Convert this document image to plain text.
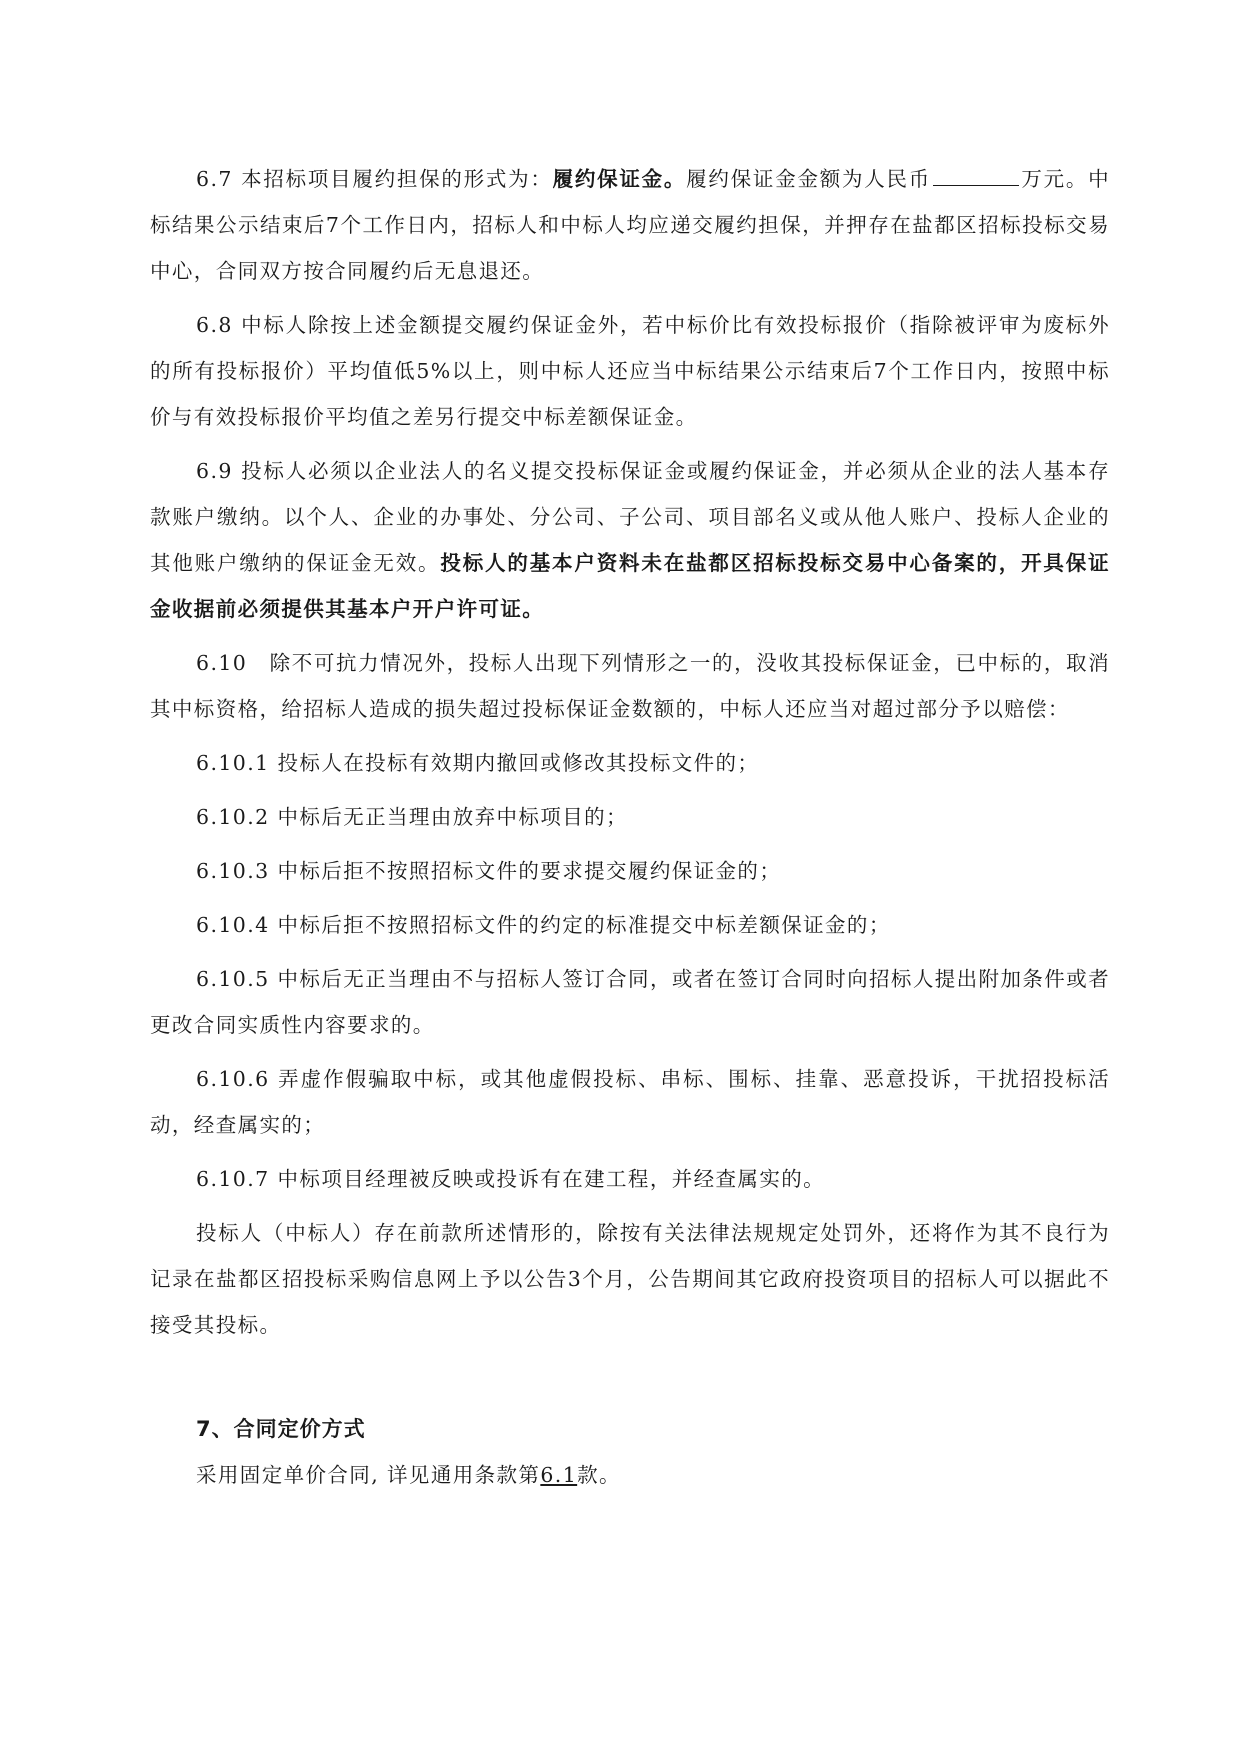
6.7 本招标项目履约担保的形式为：履约保证金。履约保证金金额为人民币	万元。中标结果公示结束后7个工作日内，招标人和中标人均应递交履约担保，并押存在盐都区招标投标交易中心，合同双方按合同履约后无息退还。

6.8 中标人除按上述金额提交履约保证金外，若中标价比有效投标报价（指除被评审为废标外的所有投标报价）平均值低5%以上，则中标人还应当中标结果公示结束后7个工作日内，按照中标价与有效投标报价平均值之差另行提交中标差额保证金。

6.9 投标人必须以企业法人的名义提交投标保证金或履约保证金，并必须从企业的法人基本存款账户缴纳。以个人、企业的办事处、分公司、子公司、项目部名义或从他人账户、投标人企业的其他账户缴纳的保证金无效。投标人的基本户资料未在盐都区招标投标交易中心备案的，开具保证金收据前必须提供其基本户开户许可证。

6.10　除不可抗力情况外，投标人出现下列情形之一的，没收其投标保证金，已中标的，取消其中标资格，给招标人造成的损失超过投标保证金数额的，中标人还应当对超过部分予以赔偿：

6.10.1 投标人在投标有效期内撤回或修改其投标文件的；

6.10.2 中标后无正当理由放弃中标项目的；

6.10.3 中标后拒不按照招标文件的要求提交履约保证金的；

6.10.4 中标后拒不按照招标文件的约定的标准提交中标差额保证金的；

6.10.5 中标后无正当理由不与招标人签订合同，或者在签订合同时向招标人提出附加条件或者更改合同实质性内容要求的。

6.10.6 弄虚作假骗取中标，或其他虚假投标、串标、围标、挂靠、恶意投诉，干扰招投标活动，经查属实的；

6.10.7 中标项目经理被反映或投诉有在建工程，并经查属实的。

投标人（中标人）存在前款所述情形的，除按有关法律法规规定处罚外，还将作为其不良行为记录在盐都区招投标采购信息网上予以公告3个月，公告期间其它政府投资项目的招标人可以据此不接受其投标。

7、合同定价方式

采用固定单价合同, 详见通用条款第6.1款。
